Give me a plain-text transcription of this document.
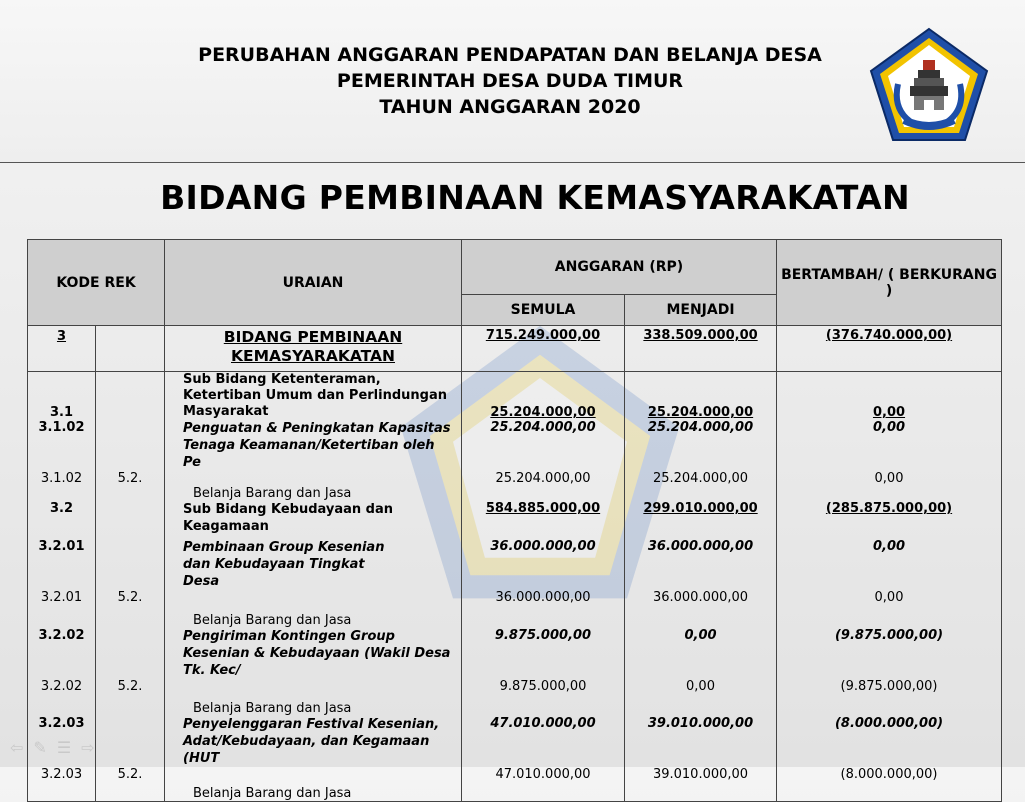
PERUBAHAN ANGGARAN PENDAPATAN DAN BELANJA DESA
PEMERINTAH DESA DUDA TIMUR
TAHUN ANGGARAN 2020
BIDANG PEMBINAAN KEMASYARAKATAN
KODE REK		URAIAN	ANGGARAN (RP)		BERTAMBAH/ ( BERKURANG )
			SEMULA	MENJADI	
3		BIDANG PEMBINAAN KEMASYARAKATAN	715.249.000,00	338.509.000,00	(376.740.000,00)
3.1		Sub Bidang Ketenteraman, Ketertiban Umum dan Perlindungan Masyarakat	25.204.000,00	25.204.000,00	0,00
3.1.02		Penguatan & Peningkatan Kapasitas Tenaga Keamanan/Ketertiban oleh Pe	25.204.000,00	25.204.000,00	0,00
3.1.02	5.2.	Belanja Barang dan Jasa	25.204.000,00	25.204.000,00	0,00
3.2		Sub Bidang Kebudayaan dan Keagamaan	584.885.000,00	299.010.000,00	(285.875.000,00)
3.2.01		Pembinaan Group Kesenian dan Kebudayaan Tingkat Desa	36.000.000,00	36.000.000,00	0,00
3.2.01	5.2.	Belanja Barang dan Jasa	36.000.000,00	36.000.000,00	0,00
3.2.02		Pengiriman Kontingen Group Kesenian & Kebudayaan (Wakil Desa Tk. Kec/	9.875.000,00	0,00	(9.875.000,00)
3.2.02	5.2.	Belanja Barang dan Jasa	9.875.000,00	0,00	(9.875.000,00)
3.2.03		Penyelenggaran Festival Kesenian, Adat/Kebudayaan, dan Kegamaan (HUT	47.010.000,00	39.010.000,00	(8.000.000,00)
3.2.03	5.2.	Belanja Barang dan Jasa	47.010.000,00	39.010.000,00	(8.000.000,00)
⇦✎☰⇨
